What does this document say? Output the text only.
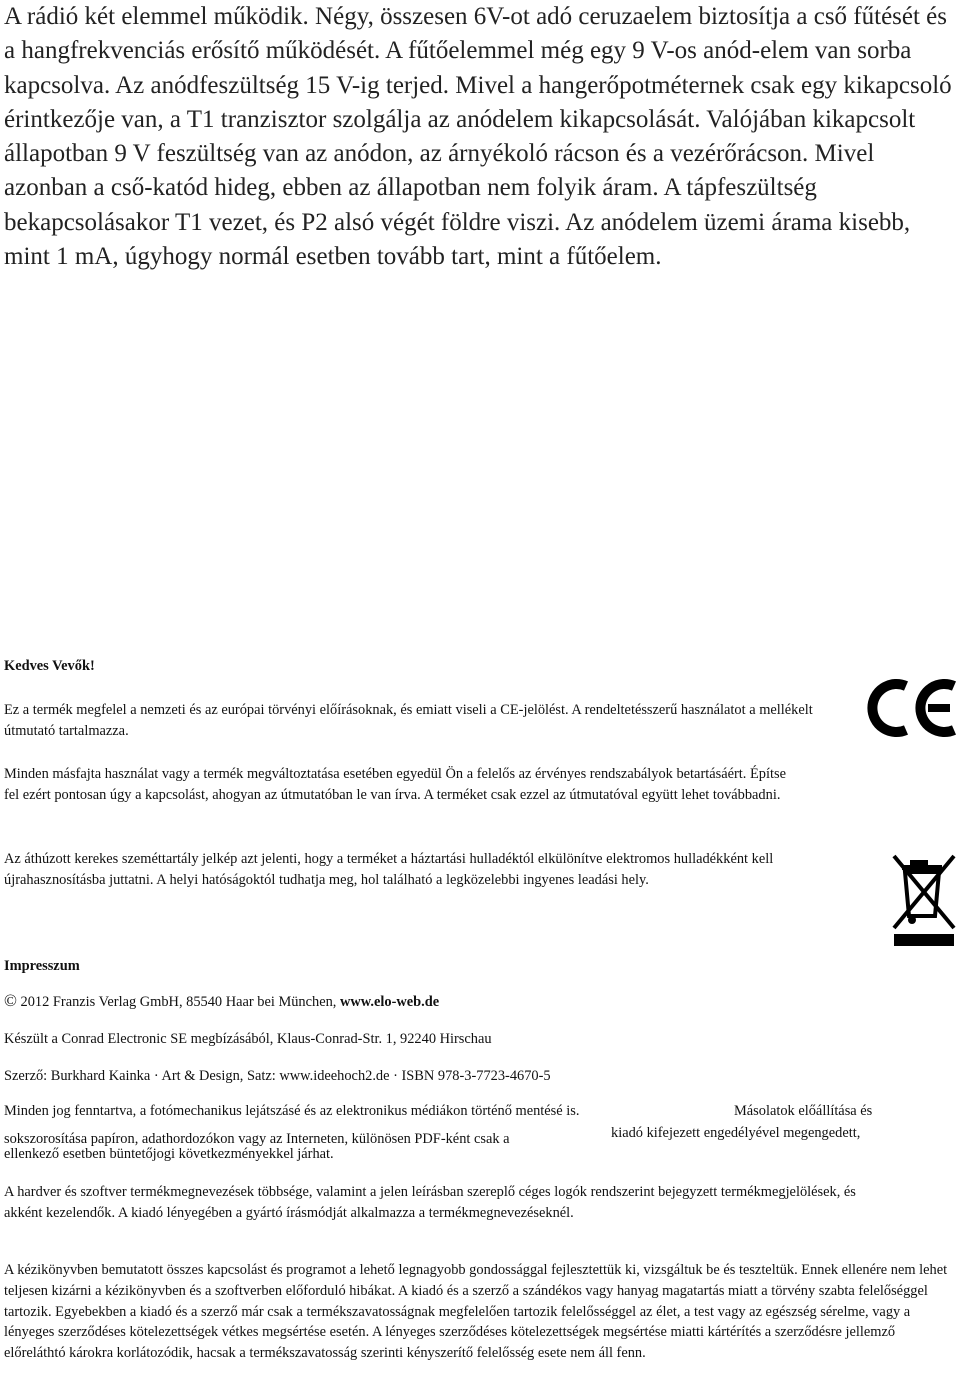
A rádió két elemmel működik. Négy, összesen 6V-ot adó ceruzaelem biztosítja a cső fűtését és a hangfrekvenciás erősítő működését. A fűtőelemmel még egy 9 V-os anód-elem van sorba kapcsolva. Az anódfeszültség 15 V-ig terjed. Mivel a hangerőpotméternek csak egy kikapcsoló érintkezője van, a T1 tranzisztor szolgálja az anódelem kikapcsolását. Valójában kikapcsolt állapotban 9 V feszültség van az anódon, az árnyékoló rácson és a vezérőrácson. Mivel azonban a cső-katód hideg, ebben az állapotban nem folyik áram. A tápfeszültség bekapcsolásakor T1 vezet, és P2 alsó végét földre viszi. Az anódelem üzemi árama kisebb, mint 1 mA, úgyhogy normál esetben tovább tart, mint a fűtőelem.

Kedves Vevők!

Ez a termék megfelel a nemzeti és az európai törvényi előírásoknak, és emiatt viseli a CE-jelölést. A rendeltetésszerű használatot a mellékelt útmutató tartalmazza.

Minden másfajta használat vagy a termék megváltoztatása esetében egyedül Ön a felelős az érvényes rendszabályok betartásáért. Építse fel ezért pontosan úgy a kapcsolást, ahogyan az útmutatóban le van írva. A terméket csak ezzel az útmutatóval együtt lehet továbbadni.

Az áthúzott kerekes szeméttartály jelkép azt jelenti, hogy a terméket a háztartási hulladéktól elkülönítve elektromos hulladékként kell újrahasznosításba juttatni. A helyi hatóságoktól tudhatja meg, hol található a legközelebbi ingyenes leadási hely.

Impresszum
© 2012 Franzis Verlag GmbH, 85540 Haar bei München, www.elo-web.de
Készült a Conrad Electronic SE megbízásából, Klaus-Conrad-Str. 1, 92240 Hirschau
Szerző: Burkhard Kainka · Art & Design, Satz: www.ideehoch2.de · ISBN 978-3-7723-4670-5
Minden jog fenntartva, a fotómechanikus lejátszásé és az elektronikus médiákon történő mentésé is.	Másolatok előállítása és
sokszorosítása papíron, adathordozókon vagy az Interneten, különösen PDF-ként csak a	kiadó kifejezett engedélyével megengedett,
ellenkező esetben büntetőjogi következményekkel járhat.

A hardver és szoftver termékmegnevezések többsége, valamint a jelen leírásban szereplő céges logók rendszerint bejegyzett termékmegjelölések, és akként kezelendők. A kiadó lényegében a gyártó írásmódját alkalmazza a termékmegnevezéseknél.

A kézikönyvben bemutatott összes kapcsolást és programot a lehető legnagyobb gondossággal fejlesztettük ki, vizsgáltuk be és teszteltük. Ennek ellenére nem lehet teljesen kizárni a kézikönyvben és a szoftverben előforduló hibákat. A kiadó és a szerző a szándékos vagy hanyag magatartás miatt a törvény szabta felelőséggel tartozik. Egyebekben a kiadó és a szerző már csak a termékszavatosságnak megfelelően tartozik felelősséggel az élet, a test vagy az egészség sérelme, vagy a lényeges szerződéses kötelezettségek vétkes megsértése esetén. A lényeges szerződéses kötelezettségek megsértése miatti kártérítés a szerződésre jellemző előreláthtó károkra korlátozódik, hacsak a termékszavatosság szerinti kényszerítő felelősség esete nem áll fenn.
